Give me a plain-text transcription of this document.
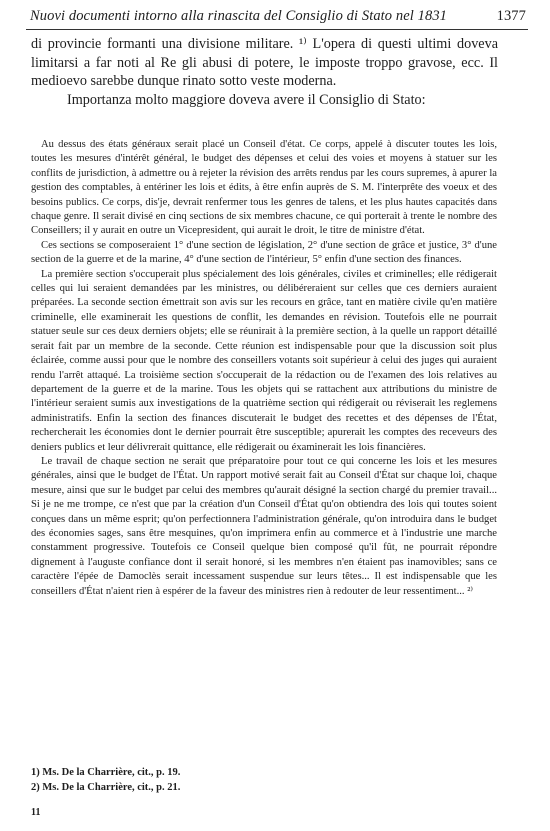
Nuovi documenti intorno alla rinascita del Consiglio di Stato nel 1831	1377

di provincie formanti una divisione militare. ¹⁾ L'opera di questi ultimi doveva limitarsi a far noti al Re gli abusi di potere, le imposte troppo gravose, ecc. Il medioevo sarebbe dunque rinato sotto veste moderna.

Importanza molto maggiore doveva avere il Consiglio di Stato:

Au dessus des états généraux serait placé un Conseil d'état. Ce corps, appelé à discuter toutes les lois, toutes les mesures d'intérêt général, le budget des dépenses et celui des voies et moyens à statuer sur les conflits de jurisdiction, à admettre ou à rejeter la révision des arrêts rendus par les cours supremes, à apurer la gestion des comptables, à entériner les lois et édits, à être enfin auprès de S. M. l'interprête des voeux et des besoins publics. Ce corps, dis'je, devrait renfermer tous les genres de talens, et les plus hautes capacités dans chaque genre. Il serait divisé en cinq sections de six membres chacune, ce qui porterait à trente le nombre des Conseillers; il y aurait en outre un Vicepresident, qui aurait le droit, le titre de ministre d'état.

Ces sections se composeraient 1° d'une section de législation, 2° d'une section de grâce et justice, 3° d'une section de la guerre et de la marine, 4° d'une section de l'intérieur, 5° enfin d'une section des finances.

La première section s'occuperait plus spécialement des lois générales, civiles et criminelles; elle rédigerait celles qui lui seraient demandées par les ministres, ou délibéreraient sur celles que ces derniers auraient préparées. La seconde section émettrait son avis sur les recours en grâce, tant en matière civile qu'en matière criminelle, elle examinerait les questions de conflit, les demandes en révision. Toutefois elle ne pourrait statuer seule sur ces deux derniers objets; elle se réunirait à la première section, à la quelle un rapport détaillé serait fait par un membre de la seconde. Cette réunion est indispensable pour que la discussion soit plus éclairée, comme aussi pour que le nombre des conseillers votants soit supérieur à celui des juges qui auraient rendu l'arrêt attaqué. La troisième section s'occuperait de la rédaction ou de l'examen des lois relatives au departement de la guerre et de la marine. Tous les objets qui se rattachent aux attributions du ministre de l'intérieur seraient sumis aux investigations de la quatrième section qui rédigerait ou réviserait les reglemens administratifs. Enfin la section des finances discuterait le budget des recettes et des dépenses de l'État, rechercherait les économies dont le dernier pourrait être susceptible; apurerait les comptes des receveurs des deniers publics et leur délivrerait quittance, elle rédigerait ou éxaminerait les lois financières.

Le travail de chaque section ne serait que préparatoire pour tout ce qui concerne les lois et les mesures générales, ainsi que le budget de l'État. Un rapport motivé serait fait au Conseil d'État sur chaque loi, chaque mesure, ainsi que sur le budget par celui des membres qu'aurait désigné la section chargé du premier travail... Si je ne me trompe, ce n'est que par la création d'un Conseil d'État qu'on obtiendra des lois qui toutes soient conçues dans un même esprit; qu'on perfectionnera l'administration générale, qu'on introduira dans le budget des économies sages, sans être mesquines, qu'on imprimera enfin au commerce et à l'industrie une marche constamment progressive. Toutefois ce Conseil quelque bien composé qu'il fût, ne pourrait répondre dignement à l'auguste confiance dont il serait honoré, si les membres n'en étaient pas inamovibles; sans ce caractère l'épée de Damoclès serait incessament suspendue sur leurs têtes... Il est indispensable que les conseillers d'État n'aient rien à espérer de la faveur des ministres rien à redouter de leur ressentiment... ²⁾

1) Ms. De la Charrière, cit., p. 19.
2) Ms. De la Charrière, cit., p. 21.
11
